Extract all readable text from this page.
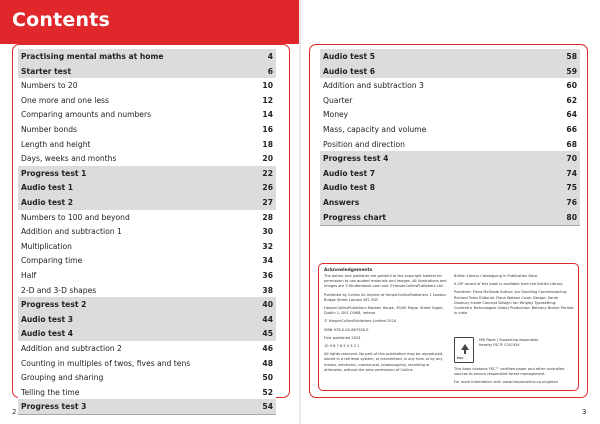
Contents
Practising mental maths at home	4
Starter test	6
Numbers to 20	10
One more and one less	12
Comparing amounts and numbers	14
Number bonds	16
Length and height	18
Days, weeks and months	20
Progress test 1	22
Audio test 1	26
Audio test 2	27
Numbers to 100 and beyond	28
Addition and subtraction 1	30
Multiplication	32
Comparing time	34
Half	36
2-D and 3-D shapes	38
Progress test 2	40
Audio test 3	44
Audio test 4	45
Addition and subtraction 2	46
Counting in multiples of twos, fives and tens	48
Grouping and sharing	50
Telling the time	52
Progress test 3	54
Audio test 5	58
Audio test 6	59
Addition and subtraction 3	60
Quarter	62
Money	64
Mass, capacity and volume	66
Position and direction	68
Progress test 4	70
Audio test 7	74
Audio test 8	75
Answers	76
Progress chart	80
Acknowledgements

The author and publisher are grateful to the copyright holders for permission to use quoted materials and images. All illustrations and images are ©Shutterstock.com and ©HarperCollinsPublishers Ltd.

Published by Collins An imprint of HarperCollinsPublishers 1 London Bridge Street London SE1 9GF

HarperCollinsPublishers Macken House, 39/40 Mayor Street Upper, Dublin 1, D01 C9W8, Ireland

© HarperCollinsPublishers Limited 2024

ISBN 978-0-00-867026-5

First published 2024

10 9 8 7 6 5 4 3 2 1

All rights reserved. No part of this publication may be reproduced, stored in a retrieval system, or transmitted, in any form or by any means, electronic, mechanical, photocopying, recording or otherwise, without the prior permission of Collins.

British Library Cataloguing in Publication Data.

A CIP record of this book is available from the British Library.

Publisher: Fiona McGlade Author: Jon Goulding Commissioning: Richard Toms Editorial: Fiona Watson Cover Design: Sarah Duxbury Inside Concept Design: Ian Wrigley Typesetting: Contentra Technologies (India) Production: Bethany Brohm Printed in India

FSC
MIX Paper | Supporting responsible forestry FSC® C007454

This book contains FSC™ certified paper and other controlled sources to ensure responsible forest management.

For more information visit: www.harpercollins.co.uk/green

2	3
